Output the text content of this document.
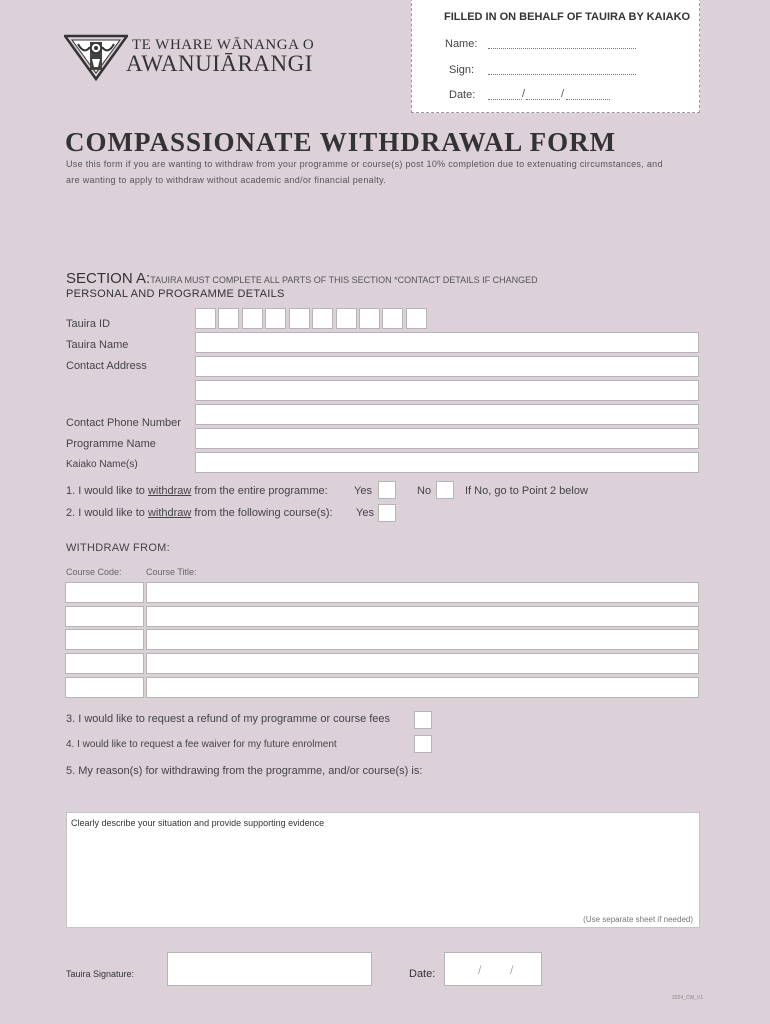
FILLED IN ON BEHALF OF TAUIRA BY KAIAKO
Name:
Sign:
Date:	/	/
TE WHARE WĀNANGA O
AWANUIĀRANGI
COMPASSIONATE WITHDRAWAL FORM
Use this form if you are wanting to withdraw from your programme or course(s) post 10% completion due to extenuating circumstances, and are wanting to apply to withdraw without academic and/or financial penalty.
SECTION A:TAUIRA MUST COMPLETE ALL PARTS OF THIS SECTION *CONTACT DETAILS IF CHANGED
PERSONAL AND PROGRAMME DETAILS
Tauira ID
Tauira Name
Contact Address
Contact Phone Number
Programme Name
Kaiako Name(s)
1. I would like to withdraw from the entire programme: Yes	No	If No, go to Point 2 below
2. I would like to withdraw from the following course(s): Yes
WITHDRAW FROM:
Course Code:	Course Title:
3. I would like to request a refund of my programme or course fees
4. I would like to request a fee waiver for my future enrolment
5. My reason(s) for withdrawing from the programme, and/or course(s) is:
Clearly describe your situation and provide supporting evidence
(Use separate sheet if needed)
Tauira Signature:	Date:	/ /
2024_CW_V1
